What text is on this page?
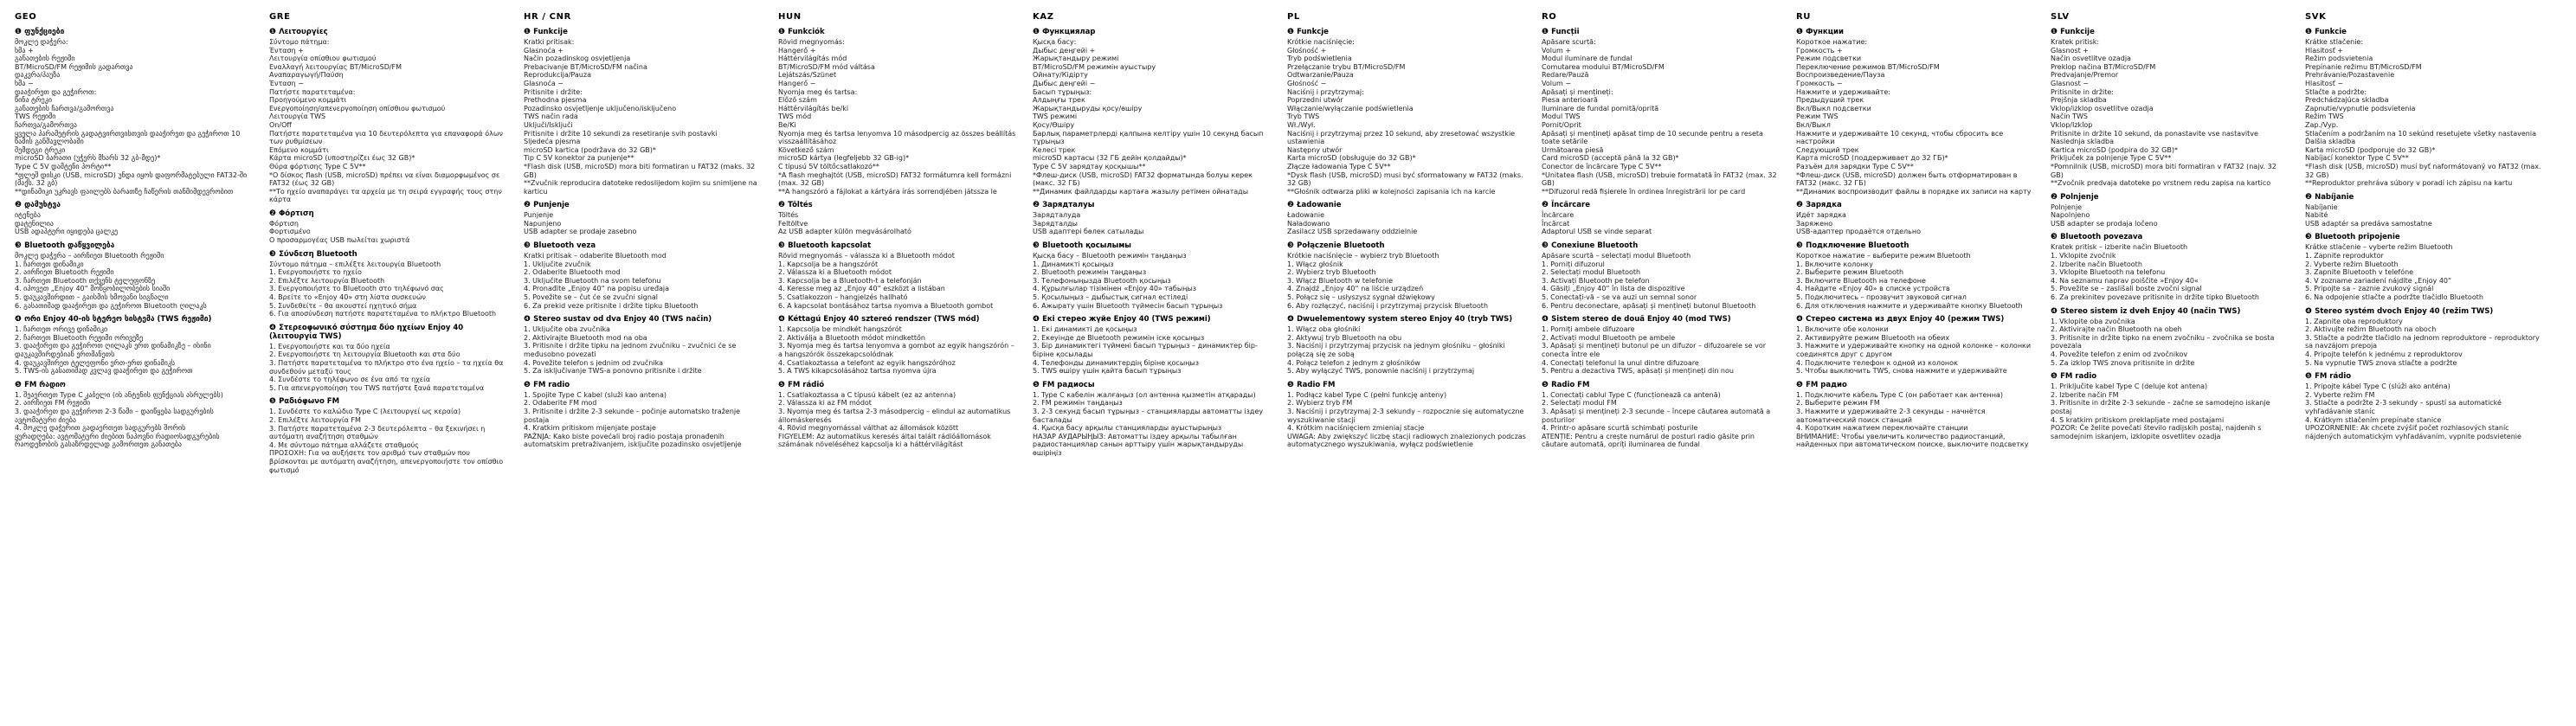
GEO
❶ ფუნქციები
მოკლე დაჭერა:
ხმა +
განათების რეჟიმი
BT/MicroSD/FM რეჟიმის გადართვა
დაკვრა/პაუზა
ხმა −
დააჭირეთ და გეჭიროთ:
წინა ტრეკი
განათების ჩართვა/გამორთვა
TWS რეჟიმი
ჩართვა/გამორთვა
ყველა პარამეტრის გადატვირთვისთვის დააჭირეთ და გეჭიროთ 10 წამის განმავლობაში
შემდეგი ტრეკი
microSD ბარათი (უჭერს მხარს 32 გბ-მდე)*
Type C 5V დამტენი პორტი**
*ფლეშ დისკი (USB, microSD) უნდა იყოს დაფორმატებული FAT32-ში (მაქს. 32 გბ)
**დინამიკი უკრავს ფაილებს ბარათზე ჩაწერის თანმიმდევრობით
❷ დამუხტვა
იტენება
დატენილია
USB ადაპტერი იყიდება ცალკე
❸ Bluetooth დაწყვილება
მოკლე დაჭერა – აირჩიეთ Bluetooth რეჟიმი
1. ჩართეთ დინამიკი
2. აირჩიეთ Bluetooth რეჟიმი
3. ჩართეთ Bluetooth თქვენს ტელეფონზე
4. იპოვეთ „Enjoy 40“ მოწყობილობების სიაში
5. დაუკავშირდით – გაისმის ხმოვანი სიგნალი
6. გასათიშად დააჭირეთ და გეჭიროთ Bluetooth ღილაკს
❹ ორი Enjoy 40-ის სტერეო სისტემა (TWS რეჟიმი)
1. ჩართეთ ორივე დინამიკი
2. ჩართეთ Bluetooth რეჟიმი ორივეზე
3. დააჭირეთ და გეჭიროთ ღილაკს ერთ დინამიკზე – ისინი დაუკავშირდებიან ერთმანეთს
4. დაუკავშირეთ ტელეფონი ერთ-ერთ დინამიკს
5. TWS-ის გასათიშად კვლავ დააჭირეთ და გეჭიროთ
❺ FM რადიო
1. შეაერთეთ Type C კაბელი (ის ანტენის ფუნქციას ასრულებს)
2. აირჩიეთ FM რეჟიმი
3. დააჭირეთ და გეჭიროთ 2-3 წამი – დაიწყება სადგურების ავტომატური ძიება
4. მოკლე დაჭერით გადაერთეთ სადგურებს შორის
ყურადღება: ავტომატური ძიებით ნაპოვნი რადიოსადგურების რაოდენობის გასაზრდელად გამორთეთ განათება
GRE
❶ Λειτουργίες
Σύντομο πάτημα:
Ένταση +
Λειτουργία οπίσθιου φωτισμού
Εναλλαγή λειτουργίας BT/MicroSD/FM
Αναπαραγωγή/Παύση
Ένταση −
Πατήστε παρατεταμένα:
Προηγούμενο κομμάτι
Ενεργοποίηση/απενεργοποίηση οπίσθιου φωτισμού
Λειτουργία TWS
On/Off
Πατήστε παρατεταμένα για 10 δευτερόλεπτα για επαναφορά όλων των ρυθμίσεων
Επόμενο κομμάτι
Κάρτα microSD (υποστηρίζει έως 32 GB)*
Θύρα φόρτισης Type C 5V**
*Ο δίσκος flash (USB, microSD) πρέπει να είναι διαμορφωμένος σε FAT32 (έως 32 GB)
**Το ηχείο αναπαράγει τα αρχεία με τη σειρά εγγραφής τους στην κάρτα
❷ Φόρτιση
Φόρτιση
Φορτισμένο
Ο προσαρμογέας USB πωλείται χωριστά
❸ Σύνδεση Bluetooth
Σύντομο πάτημα – επιλέξτε λειτουργία Bluetooth
1. Ενεργοποιήστε το ηχείο
2. Επιλέξτε λειτουργία Bluetooth
3. Ενεργοποιήστε το Bluetooth στο τηλέφωνό σας
4. Βρείτε το «Enjoy 40» στη λίστα συσκευών
5. Συνδεθείτε – θα ακουστεί ηχητικό σήμα
6. Για αποσύνδεση πατήστε παρατεταμένα το πλήκτρο Bluetooth
❹ Στερεοφωνικό σύστημα δύο ηχείων Enjoy 40 (λειτουργία TWS)
1. Ενεργοποιήστε και τα δύο ηχεία
2. Ενεργοποιήστε τη λειτουργία Bluetooth και στα δύο
3. Πατήστε παρατεταμένα το πλήκτρο στο ένα ηχείο – τα ηχεία θα συνδεθούν μεταξύ τους
4. Συνδέστε το τηλέφωνο σε ένα από τα ηχεία
5. Για απενεργοποίηση του TWS πατήστε ξανά παρατεταμένα
❺ Ραδιόφωνο FM
1. Συνδέστε το καλώδιο Type C (λειτουργεί ως κεραία)
2. Επιλέξτε λειτουργία FM
3. Πατήστε παρατεταμένα 2-3 δευτερόλεπτα – θα ξεκινήσει η αυτόματη αναζήτηση σταθμών
4. Με σύντομο πάτημα αλλάζετε σταθμούς
ΠΡΟΣΟΧΗ: Για να αυξήσετε τον αριθμό των σταθμών που βρίσκονται με αυτόματη αναζήτηση, απενεργοποιήστε τον οπίσθιο φωτισμό
HR / CNR
❶ Funkcije
Kratki pritisak:
Glasnoća +
Način pozadinskog osvjetljenja
Prebacivanje BT/MicroSD/FM načina
Reprodukcija/Pauza
Glasnoća −
Pritisnite i držite:
Prethodna pjesma
Pozadinsko osvjetljenje uključeno/isključeno
TWS način rada
Uključi/Isključi
Pritisnite i držite 10 sekundi za resetiranje svih postavki
Sljedeća pjesma
microSD kartica (podržava do 32 GB)*
Tip C 5V konektor za punjenje**
*Flash disk (USB, microSD) mora biti formatiran u FAT32 (maks. 32 GB)
**Zvučnik reproducira datoteke redoslijedom kojim su snimljene na karticu
❷ Punjenje
Punjenje
Napunjeno
USB adapter se prodaje zasebno
❸ Bluetooth veza
Kratki pritisak – odaberite Bluetooth mod
1. Uključite zvučnik
2. Odaberite Bluetooth mod
3. Uključite Bluetooth na svom telefonu
4. Pronađite „Enjoy 40“ na popisu uređaja
5. Povežite se – čut će se zvučni signal
6. Za prekid veze pritisnite i držite tipku Bluetooth
❹ Stereo sustav od dva Enjoy 40 (TWS način)
1. Uključite oba zvučnika
2. Aktivirajte Bluetooth mod na oba
3. Pritisnite i držite tipku na jednom zvučniku – zvučnici će se međusobno povezati
4. Povežite telefon s jednim od zvučnika
5. Za isključivanje TWS-a ponovno pritisnite i držite
❺ FM radio
1. Spojite Type C kabel (služi kao antena)
2. Odaberite FM mod
3. Pritisnite i držite 2-3 sekunde – počinje automatsko traženje postaja
4. Kratkim pritiskom mijenjate postaje
PAŽNJA: Kako biste povećali broj radio postaja pronađenih automatskim pretraživanjem, isključite pozadinsko osvjetljenje
HUN
❶ Funkciók
Rövid megnyomás:
Hangerő +
Háttérvilágítás mód
BT/MicroSD/FM mód váltása
Lejátszás/Szünet
Hangerő −
Nyomja meg és tartsa:
Előző szám
Háttérvilágítás be/ki
TWS mód
Be/Ki
Nyomja meg és tartsa lenyomva 10 másodpercig az összes beállítás visszaállításához
Következő szám
microSD kártya (legfeljebb 32 GB-ig)*
C típusú 5V töltőcsatlakozó**
*A flash meghajtót (USB, microSD) FAT32 formátumra kell formázni (max. 32 GB)
**A hangszóró a fájlokat a kártyára írás sorrendjében játssza le
❷ Töltés
Töltés
Feltöltve
Az USB adapter külön megvásárolható
❸ Bluetooth kapcsolat
Rövid megnyomás – válassza ki a Bluetooth módot
1. Kapcsolja be a hangszórót
2. Válassza ki a Bluetooth módot
3. Kapcsolja be a Bluetooth-t a telefonján
4. Keresse meg az „Enjoy 40“ eszközt a listában
5. Csatlakozzon – hangjelzés hallható
6. A kapcsolat bontásához tartsa nyomva a Bluetooth gombot
❹ Kéttagú Enjoy 40 sztereó rendszer (TWS mód)
1. Kapcsolja be mindkét hangszórót
2. Aktiválja a Bluetooth módot mindkettőn
3. Nyomja meg és tartsa lenyomva a gombot az egyik hangszórón – a hangszórók összekapcsolódnak
4. Csatlakoztassa a telefont az egyik hangszóróhoz
5. A TWS kikapcsolásához tartsa nyomva újra
❺ FM rádió
1. Csatlakoztassa a C típusú kábelt (ez az antenna)
2. Válassza ki az FM módot
3. Nyomja meg és tartsa 2-3 másodpercig – elindul az automatikus állomáskeresés
4. Rövid megnyomással válthat az állomások között
FIGYELEM: Az automatikus keresés által talált rádióállomások számának növeléséhez kapcsolja ki a háttérvilágítást
KAZ
❶ Функциялар
Қысқа басу:
Дыбыс деңгейі +
Жарықтандыру режимі
BT/MicroSD/FM режимін ауыстыру
Ойнату/Кідірту
Дыбыс деңгейі −
Басып тұрыңыз:
Алдыңғы трек
Жарықтандыруды қосу/өшіру
TWS режимі
Қосу/Өшіру
Барлық параметрлерді қалпына келтіру үшін 10 секунд басып тұрыңыз
Келесі трек
microSD картасы (32 ГБ дейін қолдайды)*
Type C 5V зарядтау қосқышы**
*Флеш-диск (USB, microSD) FAT32 форматында болуы керек (макс. 32 ГБ)
**Динамик файлдарды картаға жазылу ретімен ойнатады
❷ Зарядталуы
Зарядталуда
Зарядталды
USB адаптері бөлек сатылады
❸ Bluetooth қосылымы
Қысқа басу – Bluetooth режимін таңдаңыз
1. Динамикті қосыңыз
2. Bluetooth режимін таңдаңыз
3. Телефоныңызда Bluetooth қосыңыз
4. Құрылғылар тізімінен «Enjoy 40» табыңыз
5. Қосылыңыз – дыбыстық сигнал естіледі
6. Ажырату үшін Bluetooth түймесін басып тұрыңыз
❹ Екі стерео жүйе Enjoy 40 (TWS режимі)
1. Екі динамикті де қосыңыз
2. Екеуінде де Bluetooth режимін іске қосыңыз
3. Бір динамиктегі түймені басып тұрыңыз – динамиктер бір-біріне қосылады
4. Телефонды динамиктердің біріне қосыңыз
5. TWS өшіру үшін қайта басып тұрыңыз
❺ FM радиосы
1. Type C кабелін жалғаңыз (ол антенна қызметін атқарады)
2. FM режимін таңдаңыз
3. 2-3 секунд басып тұрыңыз – станцияларды автоматты іздеу басталады
4. Қысқа басу арқылы станцияларды ауыстырыңыз
НАЗАР АУДАРЫҢЫЗ: Автоматты іздеу арқылы табылған радиостанциялар санын арттыру үшін жарықтандыруды өшіріңіз
PL
❶ Funkcje
Krótkie naciśnięcie:
Głośność +
Tryb podświetlenia
Przełączanie trybu BT/MicroSD/FM
Odtwarzanie/Pauza
Głośność −
Naciśnij i przytrzymaj:
Poprzedni utwór
Włączanie/wyłączanie podświetlenia
Tryb TWS
Wł./Wył.
Naciśnij i przytrzymaj przez 10 sekund, aby zresetować wszystkie ustawienia
Następny utwór
Karta microSD (obsługuje do 32 GB)*
Złącze ładowania Type C 5V**
*Dysk flash (USB, microSD) musi być sformatowany w FAT32 (maks. 32 GB)
**Głośnik odtwarza pliki w kolejności zapisania ich na karcie
❷ Ładowanie
Ładowanie
Naładowano
Zasilacz USB sprzedawany oddzielnie
❸ Połączenie Bluetooth
Krótkie naciśnięcie – wybierz tryb Bluetooth
1. Włącz głośnik
2. Wybierz tryb Bluetooth
3. Włącz Bluetooth w telefonie
4. Znajdź „Enjoy 40“ na liście urządzeń
5. Połącz się – usłyszysz sygnał dźwiękowy
6. Aby rozłączyć, naciśnij i przytrzymaj przycisk Bluetooth
❹ Dwuelementowy system stereo Enjoy 40 (tryb TWS)
1. Włącz oba głośniki
2. Aktywuj tryb Bluetooth na obu
3. Naciśnij i przytrzymaj przycisk na jednym głośniku – głośniki połączą się ze sobą
4. Połącz telefon z jednym z głośników
5. Aby wyłączyć TWS, ponownie naciśnij i przytrzymaj
❺ Radio FM
1. Podłącz kabel Type C (pełni funkcję anteny)
2. Wybierz tryb FM
3. Naciśnij i przytrzymaj 2-3 sekundy – rozpocznie się automatyczne wyszukiwanie stacji
4. Krótkim naciśnięciem zmieniaj stacje
UWAGA: Aby zwiększyć liczbę stacji radiowych znalezionych podczas automatycznego wyszukiwania, wyłącz podświetlenie
RO
❶ Funcții
Apăsare scurtă:
Volum +
Modul iluminare de fundal
Comutarea modului BT/MicroSD/FM
Redare/Pauză
Volum −
Apăsați și mențineți:
Piesa anterioară
Iluminare de fundal pornită/oprită
Modul TWS
Pornit/Oprit
Apăsați și mențineți apăsat timp de 10 secunde pentru a reseta toate setările
Următoarea piesă
Card microSD (acceptă până la 32 GB)*
Conector de încărcare Type C 5V**
*Unitatea flash (USB, microSD) trebuie formatată în FAT32 (max. 32 GB)
**Difuzorul redă fișierele în ordinea înregistrării lor pe card
❷ Încărcare
Încărcare
Încărcat
Adaptorul USB se vinde separat
❸ Conexiune Bluetooth
Apăsare scurtă – selectați modul Bluetooth
1. Porniți difuzorul
2. Selectați modul Bluetooth
3. Activați Bluetooth pe telefon
4. Găsiți „Enjoy 40“ în lista de dispozitive
5. Conectați-vă – se va auzi un semnal sonor
6. Pentru deconectare, apăsați și mențineți butonul Bluetooth
❹ Sistem stereo de două Enjoy 40 (mod TWS)
1. Porniți ambele difuzoare
2. Activați modul Bluetooth pe ambele
3. Apăsați și mențineți butonul pe un difuzor – difuzoarele se vor conecta între ele
4. Conectați telefonul la unul dintre difuzoare
5. Pentru a dezactiva TWS, apăsați și mențineți din nou
❺ Radio FM
1. Conectați cablul Type C (funcționează ca antenă)
2. Selectați modul FM
3. Apăsați și mențineți 2-3 secunde – începe căutarea automată a posturilor
4. Printr-o apăsare scurtă schimbați posturile
ATENȚIE: Pentru a crește numărul de posturi radio găsite prin căutare automată, opriți iluminarea de fundal
RU
❶ Функции
Короткое нажатие:
Громкость +
Режим подсветки
Переключение режимов BT/MicroSD/FM
Воспроизведение/Пауза
Громкость −
Нажмите и удерживайте:
Предыдущий трек
Вкл/Выкл подсветки
Режим TWS
Вкл/Выкл
Нажмите и удерживайте 10 секунд, чтобы сбросить все настройки
Следующий трек
Карта microSD (поддерживает до 32 ГБ)*
Разъём для зарядки Type C 5V**
*Флеш-диск (USB, microSD) должен быть отформатирован в FAT32 (макс. 32 ГБ)
**Динамик воспроизводит файлы в порядке их записи на карту
❷ Зарядка
Идёт зарядка
Заряжено
USB-адаптер продаётся отдельно
❸ Подключение Bluetooth
Короткое нажатие – выберите режим Bluetooth
1. Включите колонку
2. Выберите режим Bluetooth
3. Включите Bluetooth на телефоне
4. Найдите «Enjoy 40» в списке устройств
5. Подключитесь – прозвучит звуковой сигнал
6. Для отключения нажмите и удерживайте кнопку Bluetooth
❹ Стерео система из двух Enjoy 40 (режим TWS)
1. Включите обе колонки
2. Активируйте режим Bluetooth на обеих
3. Нажмите и удерживайте кнопку на одной колонке – колонки соединятся друг с другом
4. Подключите телефон к одной из колонок
5. Чтобы выключить TWS, снова нажмите и удерживайте
❺ FM радио
1. Подключите кабель Type C (он работает как антенна)
2. Выберите режим FM
3. Нажмите и удерживайте 2-3 секунды – начнётся автоматический поиск станций
4. Коротким нажатием переключайте станции
ВНИМАНИЕ: Чтобы увеличить количество радиостанций, найденных при автоматическом поиске, выключите подсветку
SLV
❶ Funkcije
Kratek pritisk:
Glasnost +
Način osvetlitve ozadja
Preklop načina BT/MicroSD/FM
Predvajanje/Premor
Glasnost −
Pritisnite in držite:
Prejšnja skladba
Vklop/izklop osvetlitve ozadja
Način TWS
Vklop/Izklop
Pritisnite in držite 10 sekund, da ponastavite vse nastavitve
Naslednja skladba
Kartica microSD (podpira do 32 GB)*
Priključek za polnjenje Type C 5V**
*Pomnilnik (USB, microSD) mora biti formatiran v FAT32 (najv. 32 GB)
**Zvočnik predvaja datoteke po vrstnem redu zapisa na kartico
❷ Polnjenje
Polnjenje
Napolnjeno
USB adapter se prodaja ločeno
❸ Bluetooth povezava
Kratek pritisk – izberite način Bluetooth
1. Vklopite zvočnik
2. Izberite način Bluetooth
3. Vklopite Bluetooth na telefonu
4. Na seznamu naprav poiščite »Enjoy 40«
5. Povežite se – zaslišali boste zvočni signal
6. Za prekinitev povezave pritisnite in držite tipko Bluetooth
❹ Stereo sistem iz dveh Enjoy 40 (način TWS)
1. Vklopite oba zvočnika
2. Aktivirajte način Bluetooth na obeh
3. Pritisnite in držite tipko na enem zvočniku – zvočnika se bosta povezala
4. Povežite telefon z enim od zvočnikov
5. Za izklop TWS znova pritisnite in držite
❺ FM radio
1. Priključite kabel Type C (deluje kot antena)
2. Izberite način FM
3. Pritisnite in držite 2-3 sekunde – začne se samodejno iskanje postaj
4. S kratkim pritiskom preklapljate med postajami
POZOR: Če želite povečati število radijskih postaj, najdenih s samodejnim iskanjem, izklopite osvetlitev ozadja
SVK
❶ Funkcie
Krátke stlačenie:
Hlasitosť +
Režim podsvietenia
Prepínanie režimu BT/MicroSD/FM
Prehrávanie/Pozastavenie
Hlasitosť −
Stlačte a podržte:
Predchádzajúca skladba
Zapnutie/vypnutie podsvietenia
Režim TWS
Zap./Vyp.
Stlačením a podržaním na 10 sekúnd resetujete všetky nastavenia
Ďalšia skladba
Karta microSD (podporuje do 32 GB)*
Nabíjací konektor Type C 5V**
*Flash disk (USB, microSD) musí byť naformátovaný vo FAT32 (max. 32 GB)
**Reproduktor prehráva súbory v poradí ich zápisu na kartu
❷ Nabíjanie
Nabíjanie
Nabité
USB adaptér sa predáva samostatne
❸ Bluetooth pripojenie
Krátke stlačenie – vyberte režim Bluetooth
1. Zapnite reproduktor
2. Vyberte režim Bluetooth
3. Zapnite Bluetooth v telefóne
4. V zozname zariadení nájdite „Enjoy 40“
5. Pripojte sa – zaznie zvukový signál
6. Na odpojenie stlačte a podržte tlačidlo Bluetooth
❹ Stereo systém dvoch Enjoy 40 (režim TWS)
1. Zapnite oba reproduktory
2. Aktivujte režim Bluetooth na oboch
3. Stlačte a podržte tlačidlo na jednom reproduktore – reproduktory sa navzájom prepoja
4. Pripojte telefón k jednému z reproduktorov
5. Na vypnutie TWS znova stlačte a podržte
❺ FM rádio
1. Pripojte kábel Type C (slúži ako anténa)
2. Vyberte režim FM
3. Stlačte a podržte 2-3 sekundy – spustí sa automatické vyhľadávanie staníc
4. Krátkym stlačením prepínate stanice
UPOZORNENIE: Ak chcete zvýšiť počet rozhlasových staníc nájdených automatickým vyhľadávaním, vypnite podsvietenie
